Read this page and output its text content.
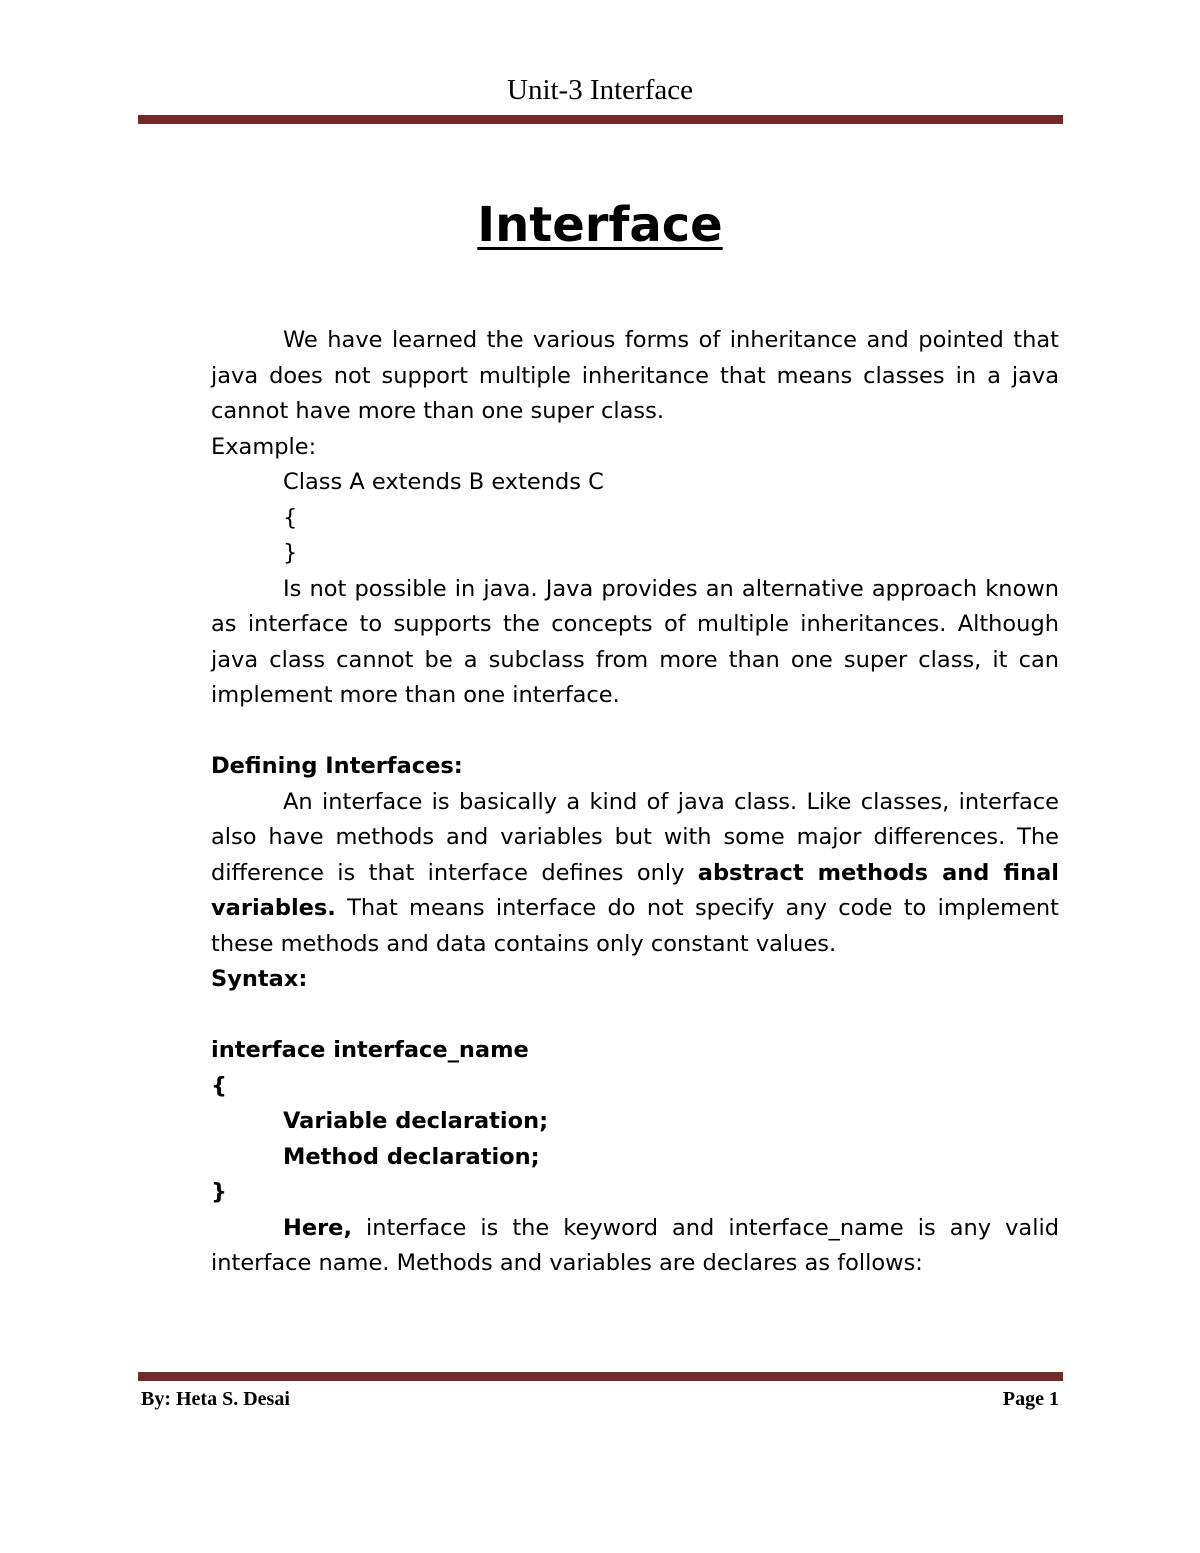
Unit-3 Interface
Interface

We have learned the various forms of inheritance and pointed that java does not support multiple inheritance that means classes in a java cannot have more than one super class.

Example:
Class A extends B extends C
{
}

Is not possible in java. Java provides an alternative approach known as interface to supports the concepts of multiple inheritances. Although java class cannot be a subclass from more than one super class, it can implement more than one interface.

Defining Interfaces:

An interface is basically a kind of java class. Like classes, interface also have methods and variables but with some major differences. The difference is that interface defines only abstract methods and final variables. That means interface do not specify any code to implement these methods and data contains only constant values.

Syntax:
interface interface_name
{
Variable declaration;
Method declaration;
}

Here, interface is the keyword and interface_name is any valid interface name. Methods and variables are declares as follows:

By: Heta S. Desai	Page 1
